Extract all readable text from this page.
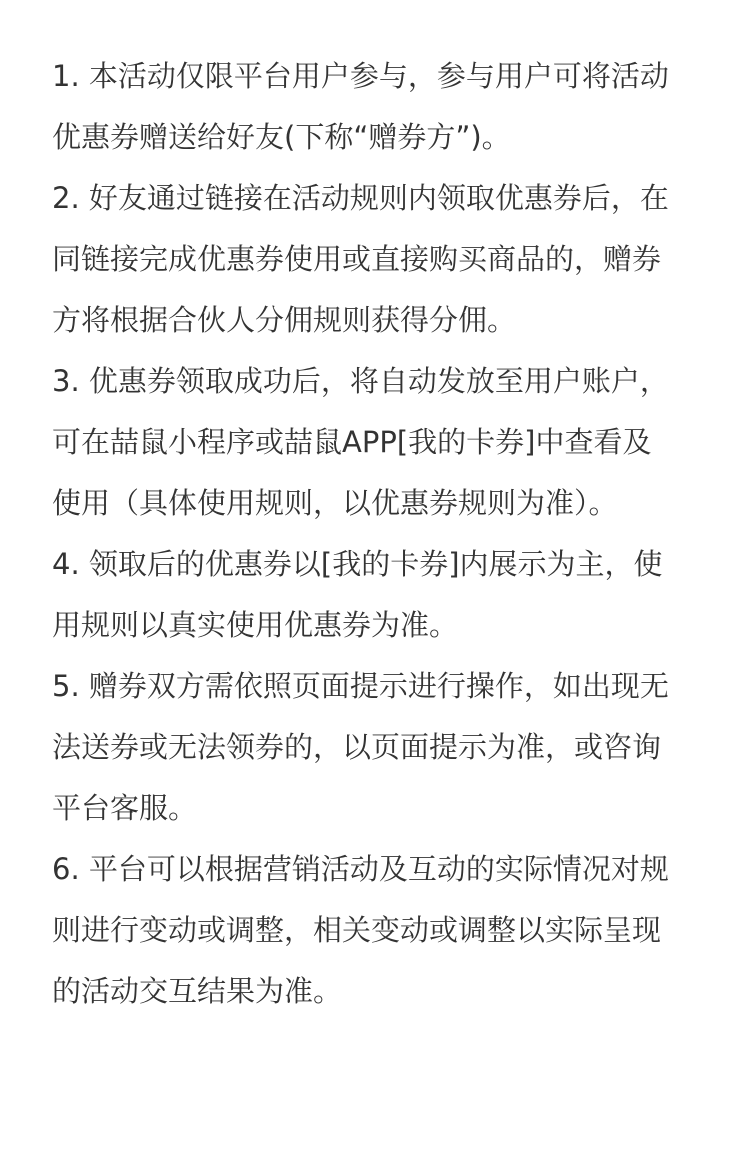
1. 本活动仅限平台用户参与，参与用户可将活动

优惠券赠送给好友(下称“赠券方”)。

2. 好友通过链接在活动规则内领取优惠券后，在

同链接完成优惠券使用或直接购买商品的，赠券

方将根据合伙人分佣规则获得分佣。

3. 优惠券领取成功后，将自动发放至用户账户，

可在喆鼠小程序或喆鼠APP[我的卡券]中查看及

使用（具体使用规则，以优惠券规则为准）。

4. 领取后的优惠券以[我的卡券]内展示为主，使

用规则以真实使用优惠券为准。

5. 赠券双方需依照页面提示进行操作，如出现无

法送券或无法领券的，以页面提示为准，或咨询

平台客服。

6. 平台可以根据营销活动及互动的实际情况对规

则进行变动或调整，相关变动或调整以实际呈现

的活动交互结果为准。
